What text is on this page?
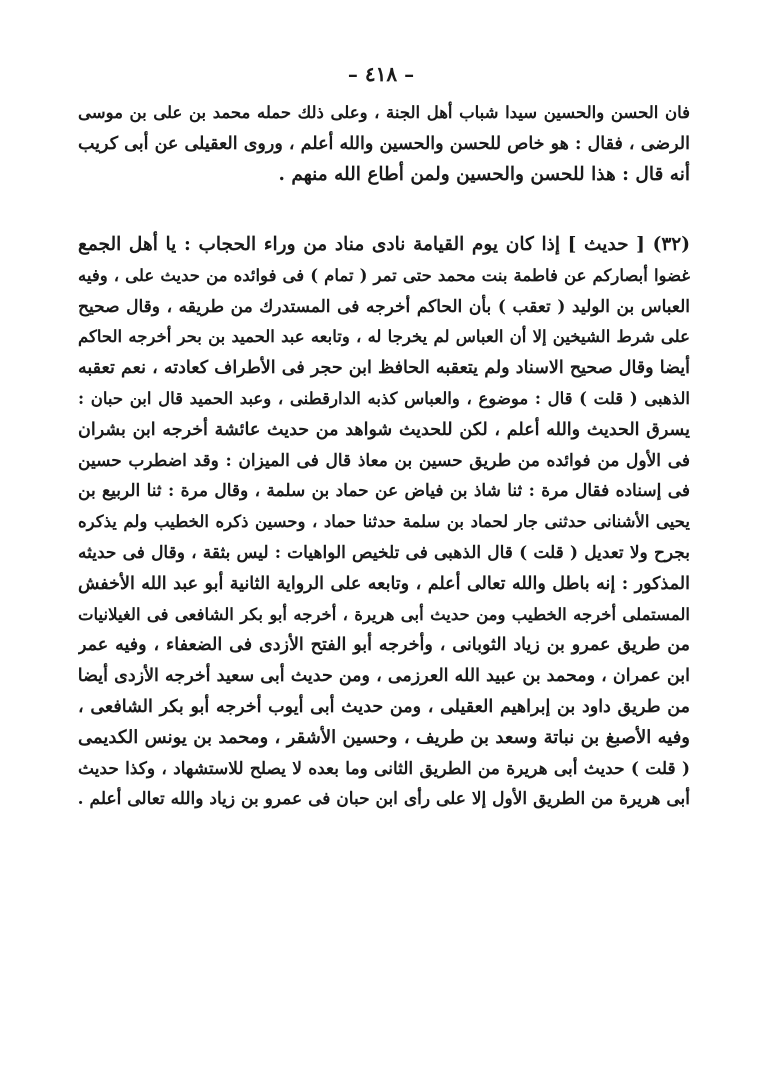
– ٤١٨ –
فان الحسن والحسين سيدا شباب أهل الجنة ، وعلى ذلك حمله محمد بن على بن موسى
الرضى ، فقال : هو خاص للحسن والحسين والله أعلم ، وروى العقيلى عن أبى كريب
أنه قال : هذا للحسن والحسين ولمن أطاع الله منهم .
(٣٢) [ حديث ] إذا كان يوم القيامة نادى مناد من وراء الحجاب : يا أهل الجمع
غضوا أبصاركم عن فاطمة بنت محمد حتى تمر ( تمام ) فى فوائده من حديث على ، وفيه
العباس بن الوليد ( تعقب ) بأن الحاكم أخرجه فى المستدرك من طريقه ، وقال صحيح
على شرط الشيخين إلا أن العباس لم يخرجا له ، وتابعه عبد الحميد بن بحر أخرجه الحاكم
أيضا وقال صحيح الاسناد ولم يتعقبه الحافظ ابن حجر فى الأطراف كعادته ، نعم تعقبه
الذهبى ( قلت ) قال : موضوع ، والعباس كذبه الدارقطنى ، وعبد الحميد قال ابن حبان :
يسرق الحديث والله أعلم ، لكن للحديث شواهد من حديث عائشة أخرجه ابن بشران
فى الأول من فوائده من طريق حسين بن معاذ قال فى الميزان : وقد اضطرب حسين
فى إسناده فقال مرة : ثنا شاذ بن فياض عن حماد بن سلمة ، وقال مرة : ثنا الربيع بن
يحيى الأشنانى حدثنى جار لحماد بن سلمة حدثنا حماد ، وحسين ذكره الخطيب ولم يذكره
بجرح ولا تعديل ( قلت ) قال الذهبى فى تلخيص الواهيات : ليس بثقة ، وقال فى حديثه
المذكور : إنه باطل والله تعالى أعلم ، وتابعه على الرواية الثانية أبو عبد الله الأخفش
المستملى أخرجه الخطيب ومن حديث أبى هريرة ، أخرجه أبو بكر الشافعى فى الغيلانيات
من طريق عمرو بن زياد الثوبانى ، وأخرجه أبو الفتح الأزدى فى الضعفاء ، وفيه عمر
ابن عمران ، ومحمد بن عبيد الله العرزمى ، ومن حديث أبى سعيد أخرجه الأزدى أيضا
من طريق داود بن إبراهيم العقيلى ، ومن حديث أبى أيوب أخرجه أبو بكر الشافعى ،
وفيه الأصبغ بن نباتة وسعد بن طريف ، وحسين الأشقر ، ومحمد بن يونس الكديمى
( قلت ) حديث أبى هريرة من الطريق الثانى وما بعده لا يصلح للاستشهاد ، وكذا حديث
أبى هريرة من الطريق الأول إلا على رأى ابن حبان فى عمرو بن زياد والله تعالى أعلم .
